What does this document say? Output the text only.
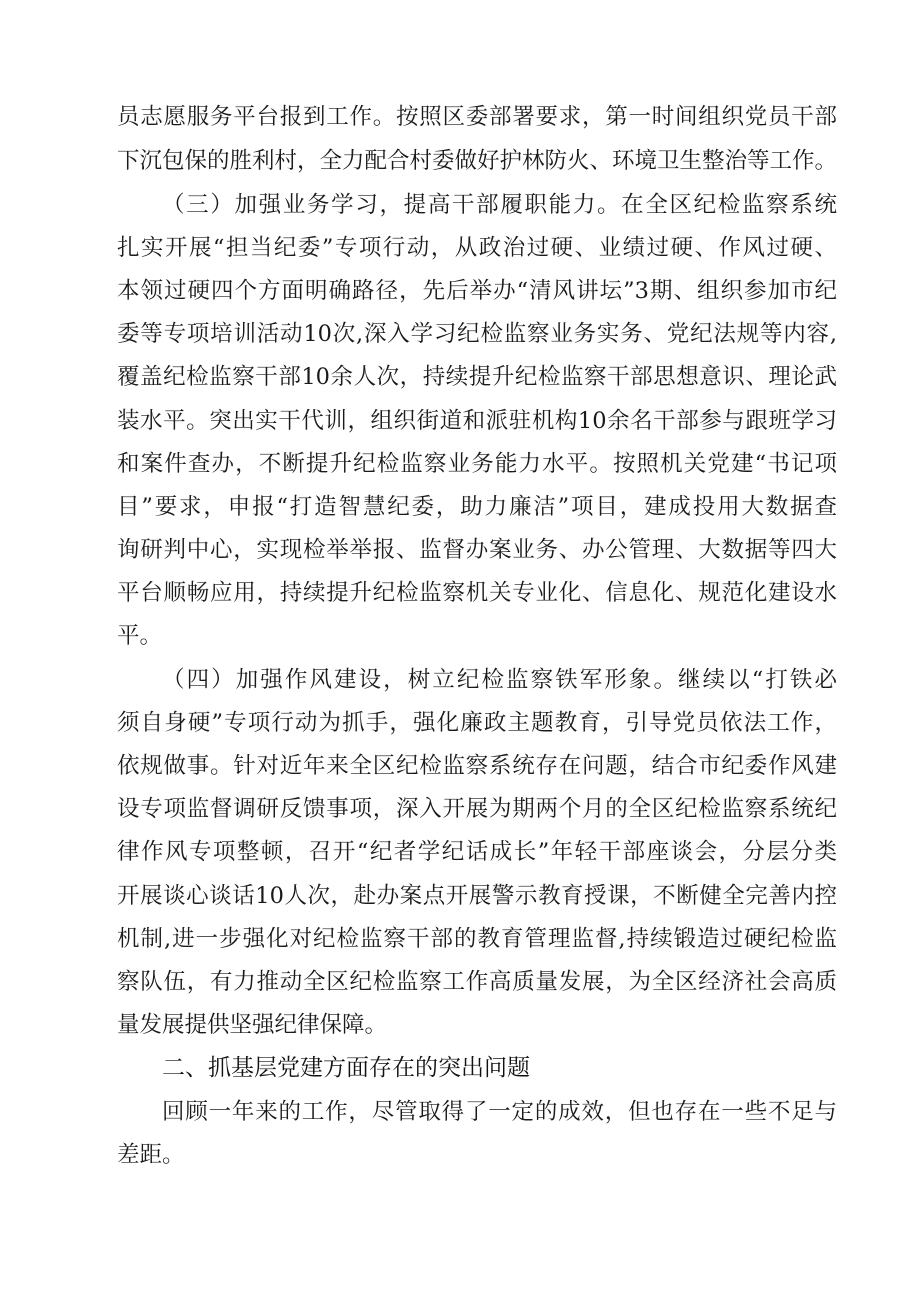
员志愿服务平台报到工作。按照区委部署要求，第一时间组织党员干部
下沉包保的胜利村，全力配合村委做好护林防火、环境卫生整治等工作。
（三）加强业务学习，提高干部履职能力。在全区纪检监察系统
扎实开展“担当纪委”专项行动，从政治过硬、业绩过硬、作风过硬、
本领过硬四个方面明确路径，先后举办“清风讲坛”3期、组织参加市纪
委等专项培训活动10次,深入学习纪检监察业务实务、党纪法规等内容,
覆盖纪检监察干部10余人次，持续提升纪检监察干部思想意识、理论武
装水平。突出实干代训，组织街道和派驻机构10余名干部参与跟班学习
和案件查办，不断提升纪检监察业务能力水平。按照机关党建“书记项
目”要求，申报“打造智慧纪委，助力廉洁”项目，建成投用大数据查
询研判中心，实现检举举报、监督办案业务、办公管理、大数据等四大
平台顺畅应用，持续提升纪检监察机关专业化、信息化、规范化建设水
平。
（四）加强作风建设，树立纪检监察铁军形象。继续以“打铁必
须自身硬”专项行动为抓手，强化廉政主题教育，引导党员依法工作，
依规做事。针对近年来全区纪检监察系统存在问题，结合市纪委作风建
设专项监督调研反馈事项，深入开展为期两个月的全区纪检监察系统纪
律作风专项整顿，召开“纪者学纪话成长”年轻干部座谈会，分层分类
开展谈心谈话10人次，赴办案点开展警示教育授课，不断健全完善内控
机制,进一步强化对纪检监察干部的教育管理监督,持续锻造过硬纪检监
察队伍，有力推动全区纪检监察工作高质量发展，为全区经济社会高质
量发展提供坚强纪律保障。
二、抓基层党建方面存在的突出问题
回顾一年来的工作，尽管取得了一定的成效，但也存在一些不足与
差距。
